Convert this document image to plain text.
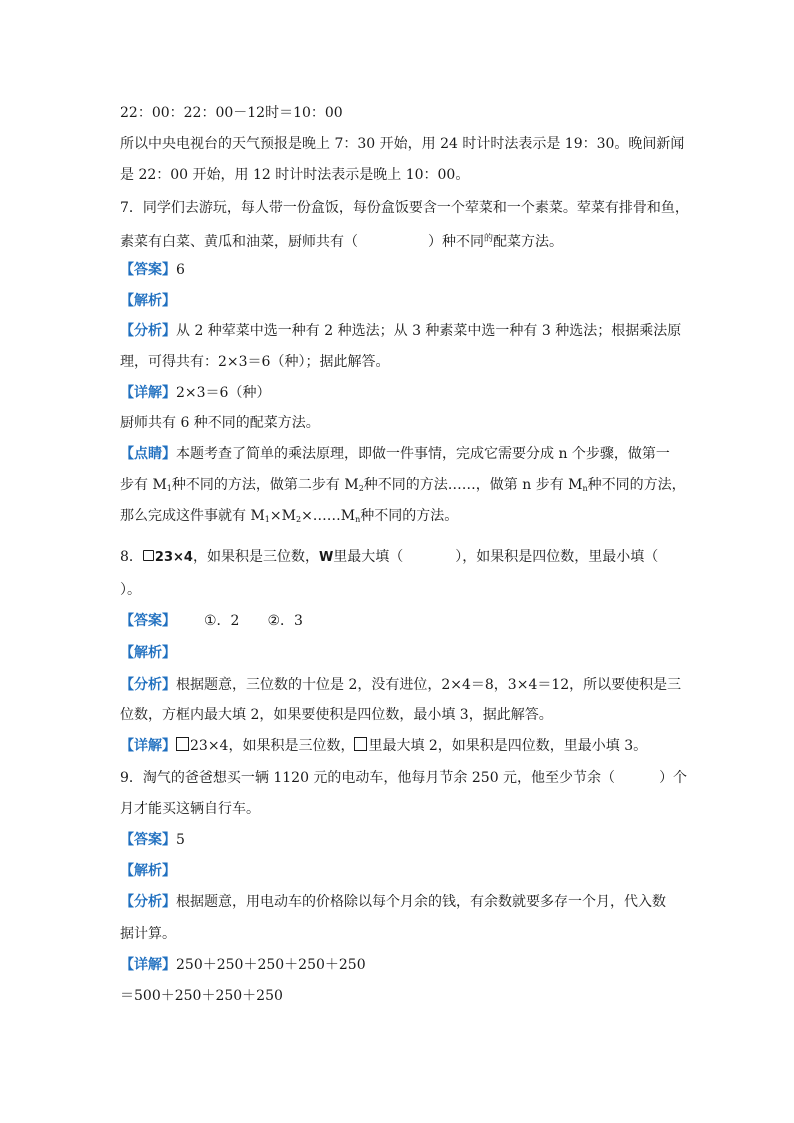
22：00：22：00－12时＝10：00
所以中央电视台的天气预报是晚上 7：30 开始，用 24 时计时法表示是 19：30。晚间新闻
是 22：00 开始，用 12 时计时法表示是晚上 10：00。
7．同学们去游玩，每人带一份盒饭，每份盒饭要含一个荤菜和一个素菜。荤菜有排骨和鱼，
素菜有白菜、黄瓜和油菜，厨师共有（	）种不同$^的$配菜方法。
【答案】6
【解析】
【分析】从 2 种荤菜中选一种有 2 种选法；从 3 种素菜中选一种有 3 种选法；根据乘法原
理，可得共有：2×3＝6（种）；据此解答。
【详解】2×3＝6（种）
厨师共有 6 种不同的配菜方法。
【点睛】本题考查了简单的乘法原理，即做一件事情，完成它需要分成 n 个步骤，做第一
步有 $M_1$种不同的方法，做第二步有 $M_2$种不同的方法……，做第 n 步有 $M_n$种不同的方法，
那么完成这件事就有 $M_1\times M_2\times\dots\dots M_n$种不同的方法。
8． 23×4，如果积是三位数，W里最大填（	），如果积是四位数，里最小填（
）。
【答案】 ①．2 ②．3
【解析】
【分析】根据题意，三位数的十位是 2，没有进位，2×4＝8，3×4＝12，所以要使积是三
位数，方框内最大填 2，如果要使积是四位数，最小填 3，据此解答。
【详解】 23×4，如果积是三位数， 里最大填 2，如果积是四位数，里最小填 3。
9．淘气的爸爸想买一辆 1120 元的电动车，他每月节余 250 元，他至少节余（	）个
月才能买这辆自行车。
【答案】5
【解析】
【分析】根据题意，用电动车的价格除以每个月余的钱，有余数就要多存一个月，代入数
据计算。
【详解】250＋250＋250＋250＋250
＝500＋250＋250＋250
